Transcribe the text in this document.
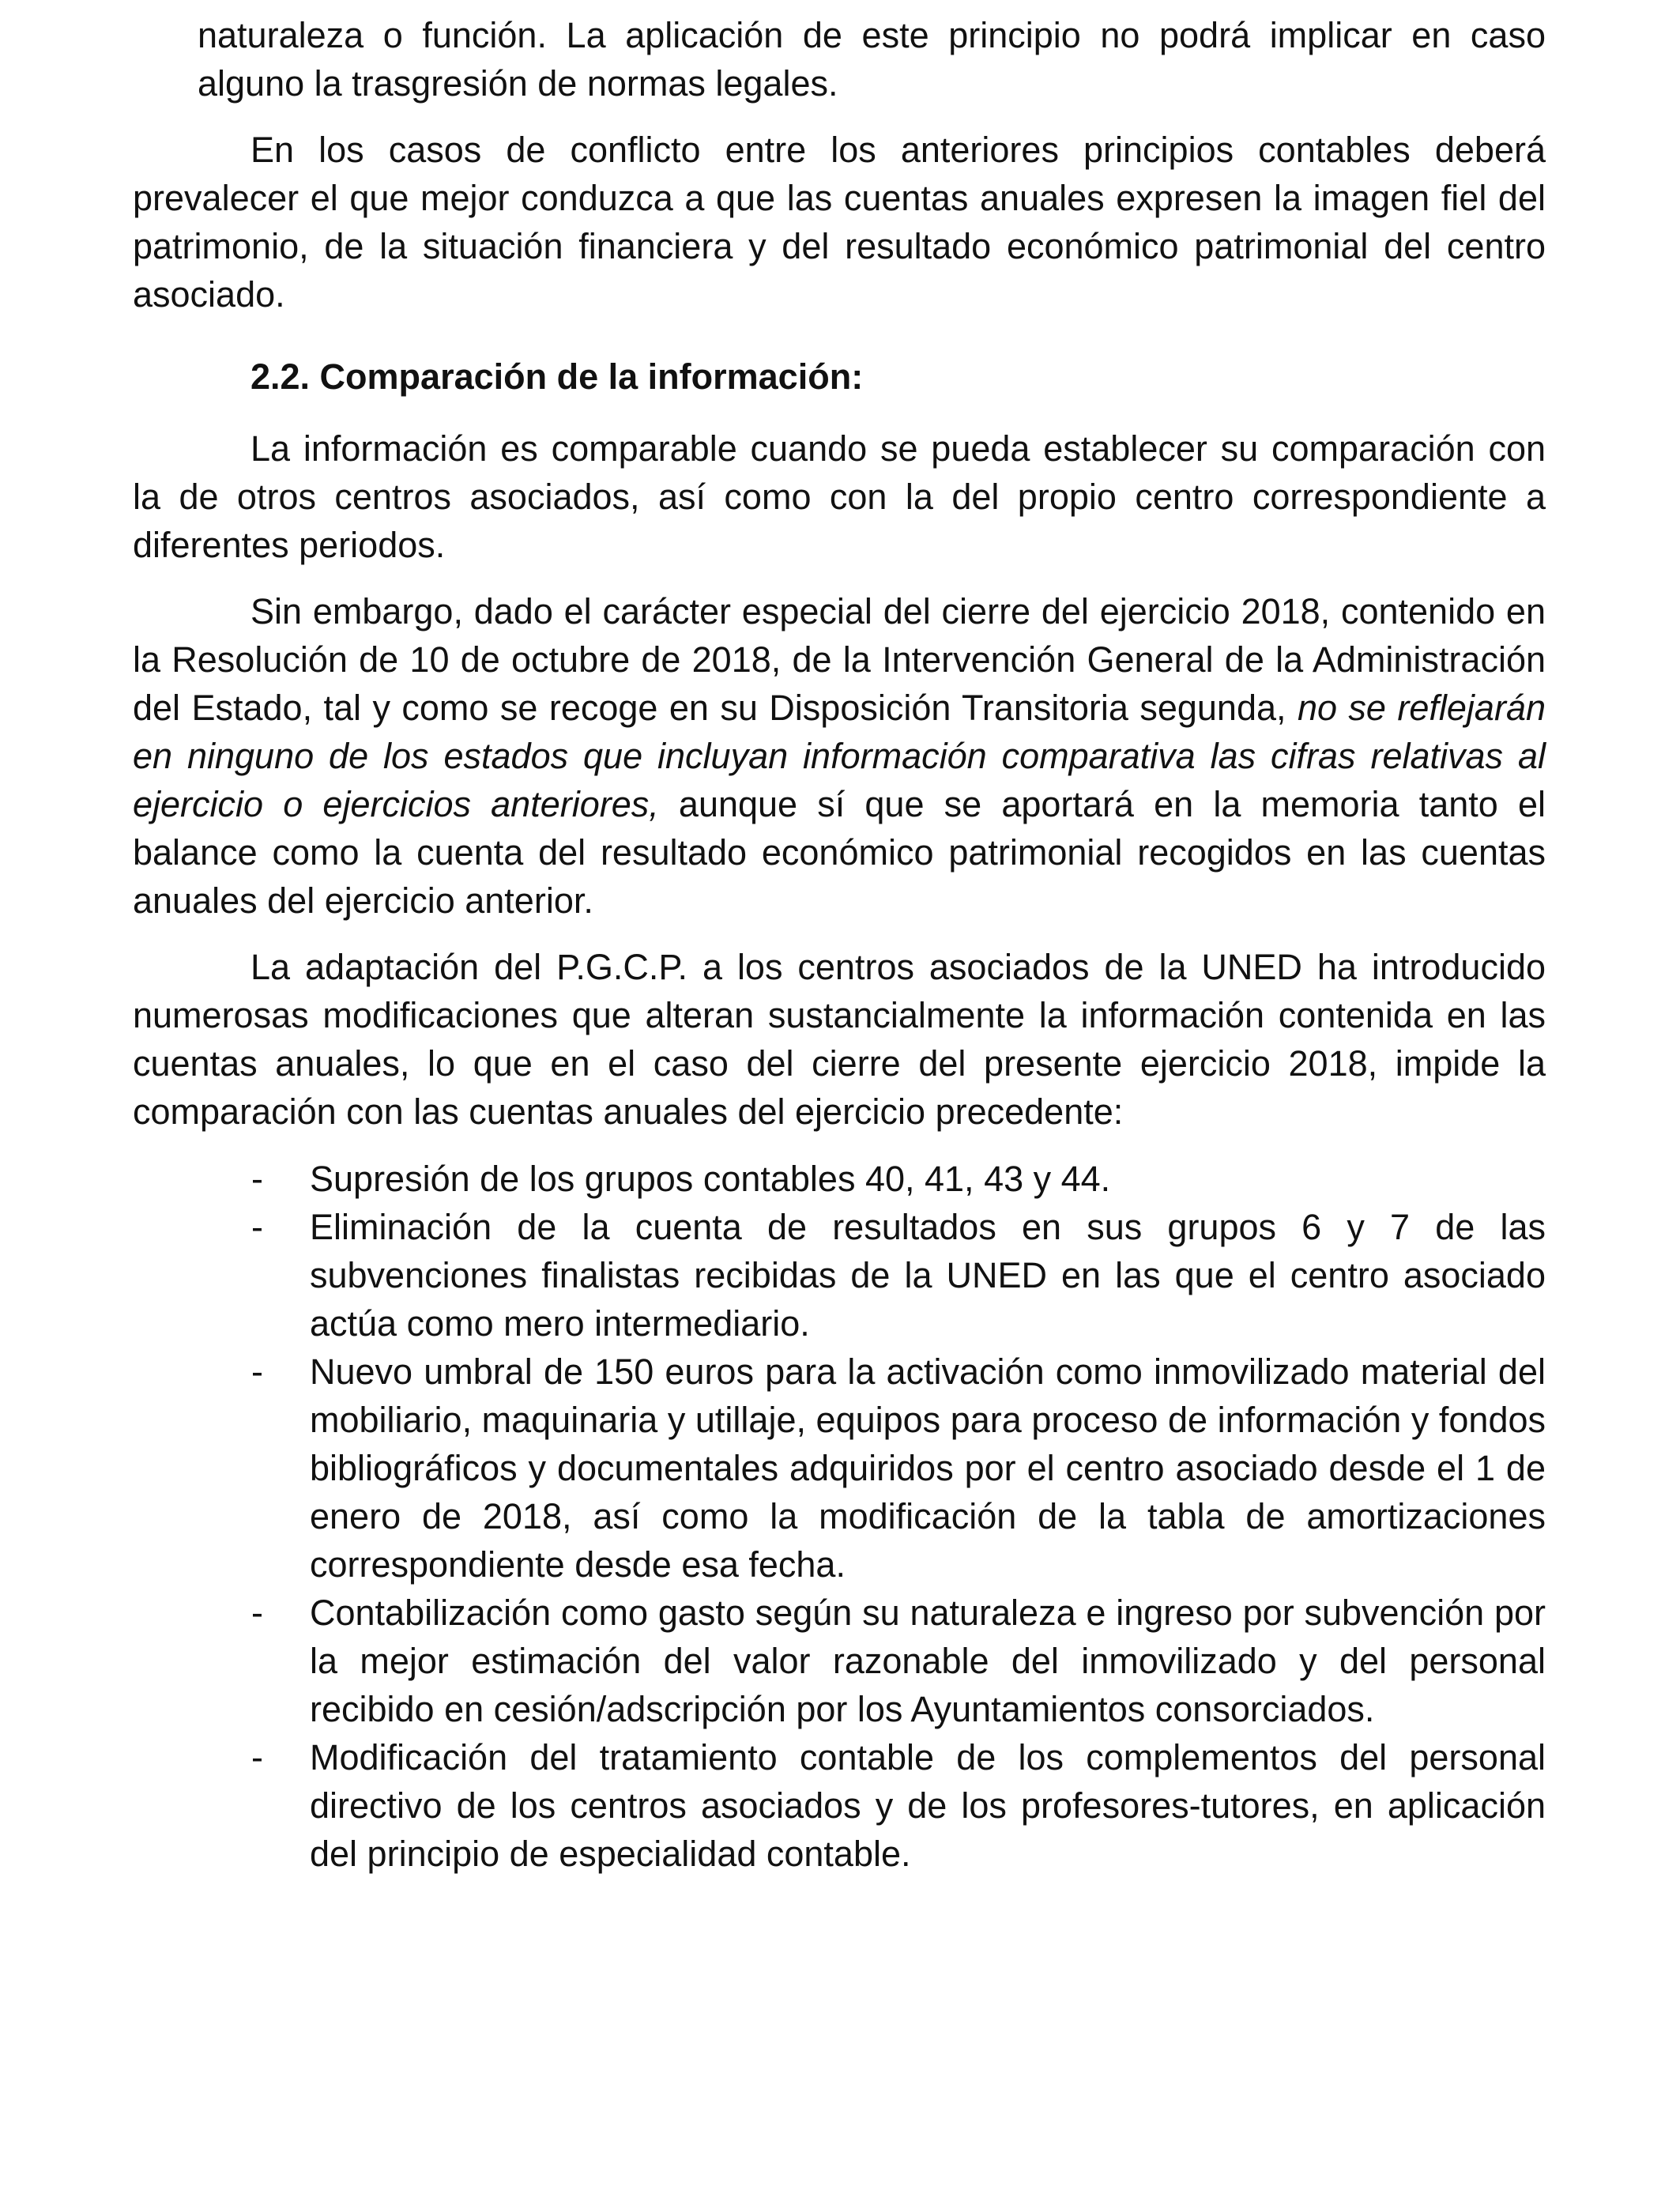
naturaleza o función. La aplicación de este principio no podrá implicar en caso alguno la trasgresión de normas legales.

En los casos de conflicto entre los anteriores principios contables deberá prevalecer el que mejor conduzca a que las cuentas anuales expresen la imagen fiel del patrimonio, de la situación financiera y del resultado económico patrimonial del centro asociado.

2.2. Comparación de la información:

La información es comparable cuando se pueda establecer su comparación con la de otros centros asociados, así como con la del propio centro correspondiente a diferentes periodos.

Sin embargo, dado el carácter especial del cierre del ejercicio 2018, contenido en la Resolución de 10 de octubre de 2018, de la Intervención General de la Administración del Estado, tal y como se recoge en su Disposición Transitoria segunda, no se reflejarán en ninguno de los estados que incluyan información comparativa las cifras relativas al ejercicio o ejercicios anteriores, aunque sí que se aportará en la memoria tanto el balance como la cuenta del resultado económico patrimonial recogidos en las cuentas anuales del ejercicio anterior.

La adaptación del P.G.C.P. a los centros asociados de la UNED ha introducido numerosas modificaciones que alteran sustancialmente la información contenida en las cuentas anuales, lo que en el caso del cierre del presente ejercicio 2018, impide la comparación con las cuentas anuales del ejercicio precedente:

- Supresión de los grupos contables 40, 41, 43 y 44.
- Eliminación de la cuenta de resultados en sus grupos 6 y 7 de las subvenciones finalistas recibidas de la UNED en las que el centro asociado actúa como mero intermediario.
- Nuevo umbral de 150 euros para la activación como inmovilizado material del mobiliario, maquinaria y utillaje, equipos para proceso de información y fondos bibliográficos y documentales adquiridos por el centro asociado desde el 1 de enero de 2018, así como la modificación de la tabla de amortizaciones correspondiente desde esa fecha.
- Contabilización como gasto según su naturaleza e ingreso por subvención por la mejor estimación del valor razonable del inmovilizado y del personal recibido en cesión/adscripción por los Ayuntamientos consorciados.
- Modificación del tratamiento contable de los complementos del personal directivo de los centros asociados y de los profesores-tutores, en aplicación del principio de especialidad contable.
